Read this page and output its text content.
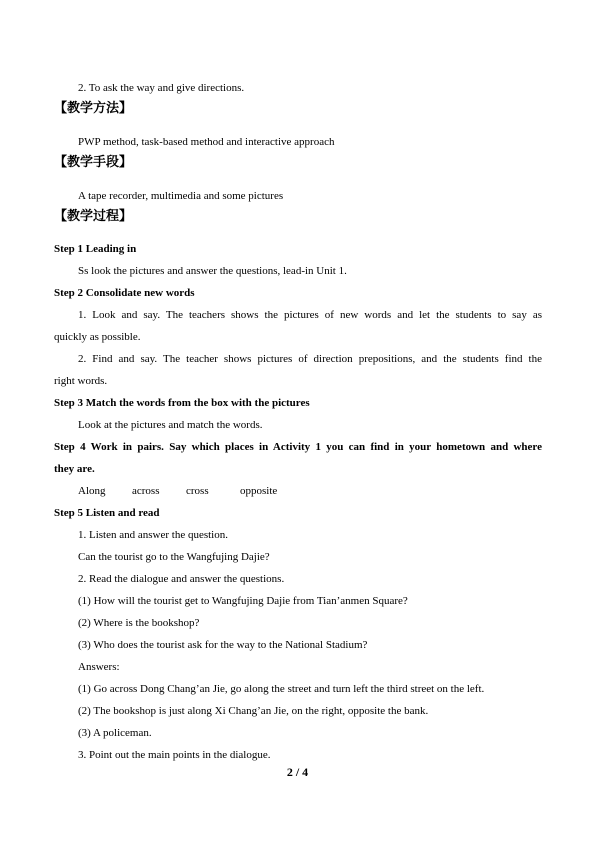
2. To ask the way and give directions.
【教学方法】
PWP method, task-based method and interactive approach
【教学手段】
A tape recorder, multimedia and some pictures
【教学过程】
Step 1 Leading in
Ss look the pictures and answer the questions, lead-in Unit 1.
Step 2 Consolidate new words
1. Look and say. The teachers shows the pictures of new words and let the students to say as
quickly as possible.
2. Find and say. The teacher shows pictures of direction prepositions, and the students find the
right words.
Step 3 Match the words from the box with the pictures
Look at the pictures and match the words.
Step 4 Work in pairs. Say which places in Activity 1 you can find in your hometown and where
they are.
Along across cross	opposite
Step 5 Listen and read
1. Listen and answer the question.
Can the tourist go to the Wangfujing Dajie?
2. Read the dialogue and answer the questions.
(1) How will the tourist get to Wangfujing Dajie from Tian’anmen Square?
(2) Where is the bookshop?
(3) Who does the tourist ask for the way to the National Stadium?
Answers:
(1) Go across Dong Chang’an Jie, go along the street and turn left the third street on the left.
(2) The bookshop is just along Xi Chang’an Jie, on the right, opposite the bank.
(3) A policeman.
3. Point out the main points in the dialogue.
2 / 4
